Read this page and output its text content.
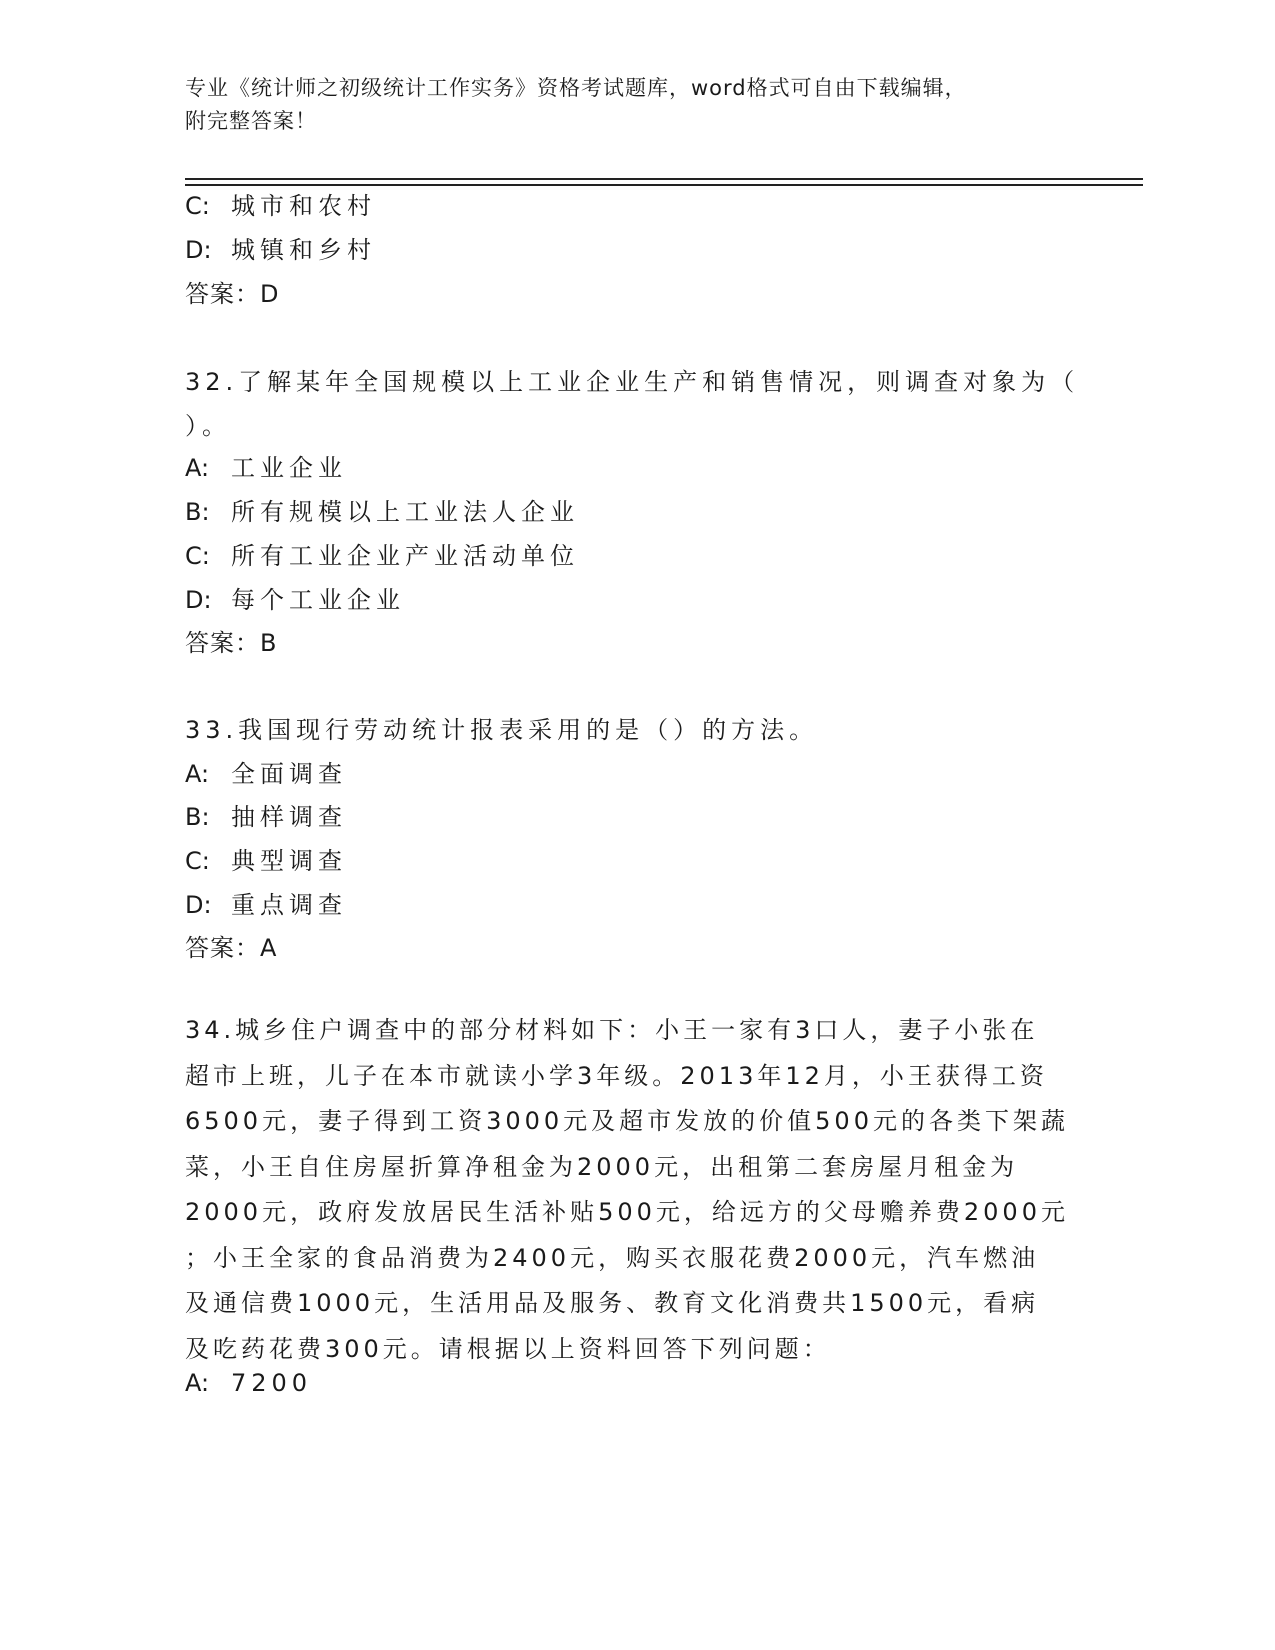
专业《统计师之初级统计工作实务》资格考试题库，word格式可自由下载编辑，
附完整答案！
C: 城市和农村
D: 城镇和乡村
答案：D
32.了解某年全国规模以上工业企业生产和销售情况，则调查对象为（
）。
A: 工业企业
B: 所有规模以上工业法人企业
C: 所有工业企业产业活动单位
D: 每个工业企业
答案：B
33.我国现行劳动统计报表采用的是（）的方法。
A: 全面调查
B: 抽样调查
C: 典型调查
D: 重点调查
答案：A
34.城乡住户调查中的部分材料如下：小王一家有3口人，妻子小张在
超市上班，儿子在本市就读小学3年级。2013年12月，小王获得工资
6500元，妻子得到工资3000元及超市发放的价值500元的各类下架蔬
菜，小王自住房屋折算净租金为2000元，出租第二套房屋月租金为
2000元，政府发放居民生活补贴500元，给远方的父母赡养费2000元
；小王全家的食品消费为2400元，购买衣服花费2000元，汽车燃油
及通信费1000元，生活用品及服务、教育文化消费共1500元，看病
及吃药花费300元。请根据以上资料回答下列问题：
A: 7200
